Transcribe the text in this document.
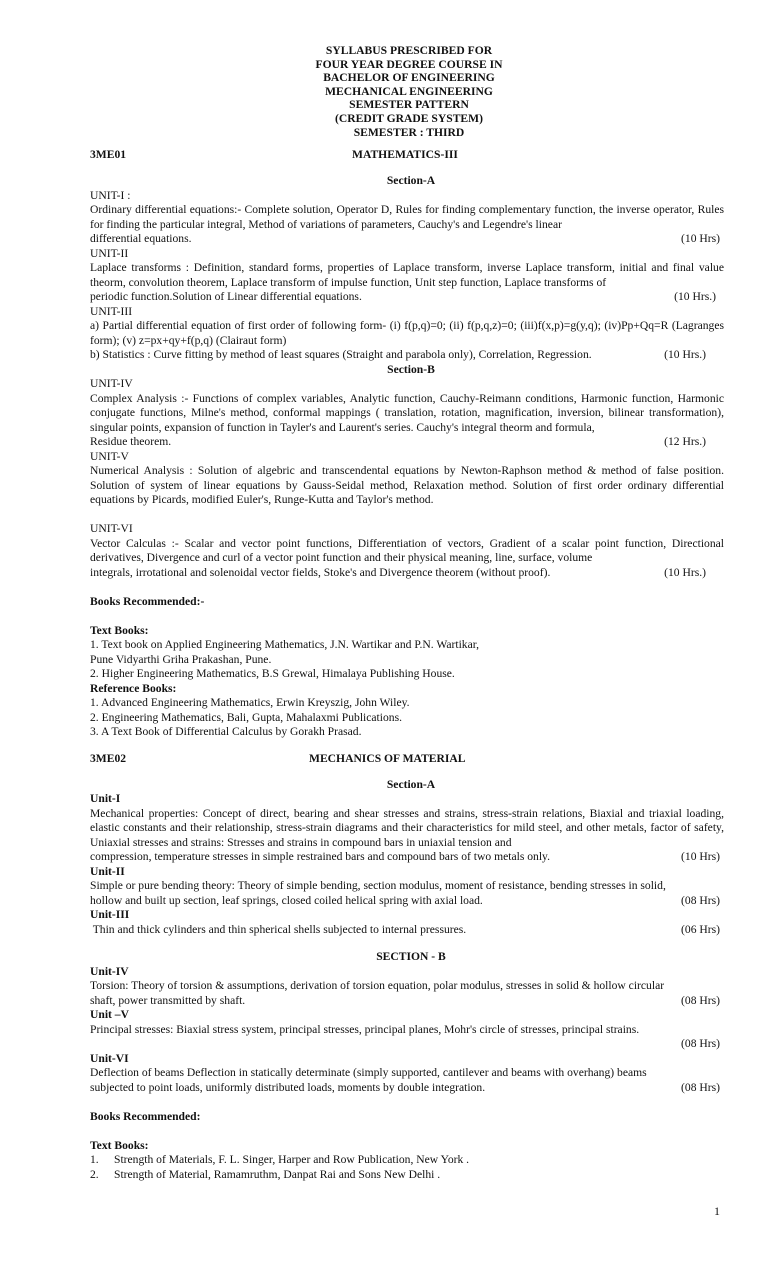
SYLLABUS PRESCRIBED FOR
FOUR YEAR DEGREE COURSE IN
BACHELOR OF ENGINEERING
MECHANICAL ENGINEERING
SEMESTER PATTERN
(CREDIT GRADE SYSTEM)
SEMESTER : THIRD
3ME01	MATHEMATICS-III
Section-A
UNIT-I :
Ordinary differential equations:- Complete solution, Operator D, Rules for finding complementary function, the inverse operator, Rules for finding the particular integral, Method of variations of parameters, Cauchy's and Legendre's linear
differential equations.	(10 Hrs)
UNIT-II
Laplace transforms : Definition, standard forms, properties of Laplace transform, inverse Laplace transform, initial and final value theorm, convolution theorem, Laplace transform of impulse function, Unit step function, Laplace transforms of
periodic function.Solution of Linear differential equations.	(10 Hrs.)
UNIT-III
a) Partial differential equation of first order of following form- (i) f(p,q)=0; (ii) f(p,q,z)=0; (iii)f(x,p)=g(y,q); (iv)Pp+Qq=R (Lagranges form); (v) z=px+qy+f(p,q) (Clairaut form)
b) Statistics : Curve fitting by method of least squares (Straight and parabola only), Correlation, Regression.	(10 Hrs.)
Section-B
UNIT-IV
Complex Analysis :- Functions of complex variables, Analytic function, Cauchy-Reimann conditions, Harmonic function, Harmonic conjugate functions, Milne's method, conformal mappings ( translation, rotation, magnification, inversion, bilinear transformation), singular points, expansion of function in Tayler's and Laurent's series. Cauchy's integral theorm and formula,
Residue theorem.	(12 Hrs.)
UNIT-V
Numerical Analysis : Solution of algebric and transcendental equations by Newton-Raphson method & method of false position. Solution of system of linear equations by Gauss-Seidal method, Relaxation method. Solution of first order ordinary differential equations by Picards, modified Euler's, Runge-Kutta and Taylor's method.
UNIT-VI
Vector Calculas :- Scalar and vector point functions, Differentiation of vectors, Gradient of a scalar point function, Directional derivatives, Divergence and curl of a vector point function and their physical meaning, line, surface, volume
integrals, irrotational and solenoidal vector fields, Stoke's and Divergence theorem (without proof).	(10 Hrs.)
Books Recommended:-
Text Books:
1. Text book on Applied Engineering Mathematics, J.N. Wartikar and P.N. Wartikar,
Pune Vidyarthi Griha Prakashan, Pune.
2. Higher Engineering Mathematics, B.S Grewal, Himalaya Publishing House.
Reference Books:
1. Advanced Engineering Mathematics, Erwin Kreyszig, John Wiley.
2. Engineering Mathematics, Bali, Gupta, Mahalaxmi Publications.
3. A Text Book of Differential Calculus by Gorakh Prasad.
3ME02	MECHANICS OF MATERIAL
Section-A
Unit-I
Mechanical properties: Concept of direct, bearing and shear stresses and strains, stress-strain relations, Biaxial and triaxial loading, elastic constants and their relationship, stress-strain diagrams and their characteristics for mild steel, and other metals, factor of safety, Uniaxial stresses and strains: Stresses and strains in compound bars in uniaxial tension and
compression, temperature stresses in simple restrained bars and compound bars of two metals only.	(10 Hrs)
Unit-II
Simple or pure bending theory: Theory of simple bending, section modulus, moment of resistance, bending stresses in solid,
hollow and built up section, leaf springs, closed coiled helical spring with axial load.	(08 Hrs)
Unit-III
Thin and thick cylinders and thin spherical shells subjected to internal pressures.	(06 Hrs)
SECTION - B
Unit-IV
Torsion: Theory of torsion & assumptions, derivation of torsion equation, polar modulus, stresses in solid & hollow circular
shaft, power transmitted by shaft.	(08 Hrs)
Unit –V
Principal stresses: Biaxial stress system, principal stresses, principal planes, Mohr's circle of stresses, principal strains.
(08 Hrs)
Unit-VI
Deflection of beams Deflection in statically determinate (simply supported, cantilever and beams with overhang) beams
subjected to point loads, uniformly distributed loads, moments by double integration.	(08 Hrs)
Books Recommended:
Text Books:
1. Strength of Materials, F. L. Singer, Harper and Row Publication, New York .
2. Strength of Material, Ramamruthm, Danpat Rai and Sons New Delhi .
1
